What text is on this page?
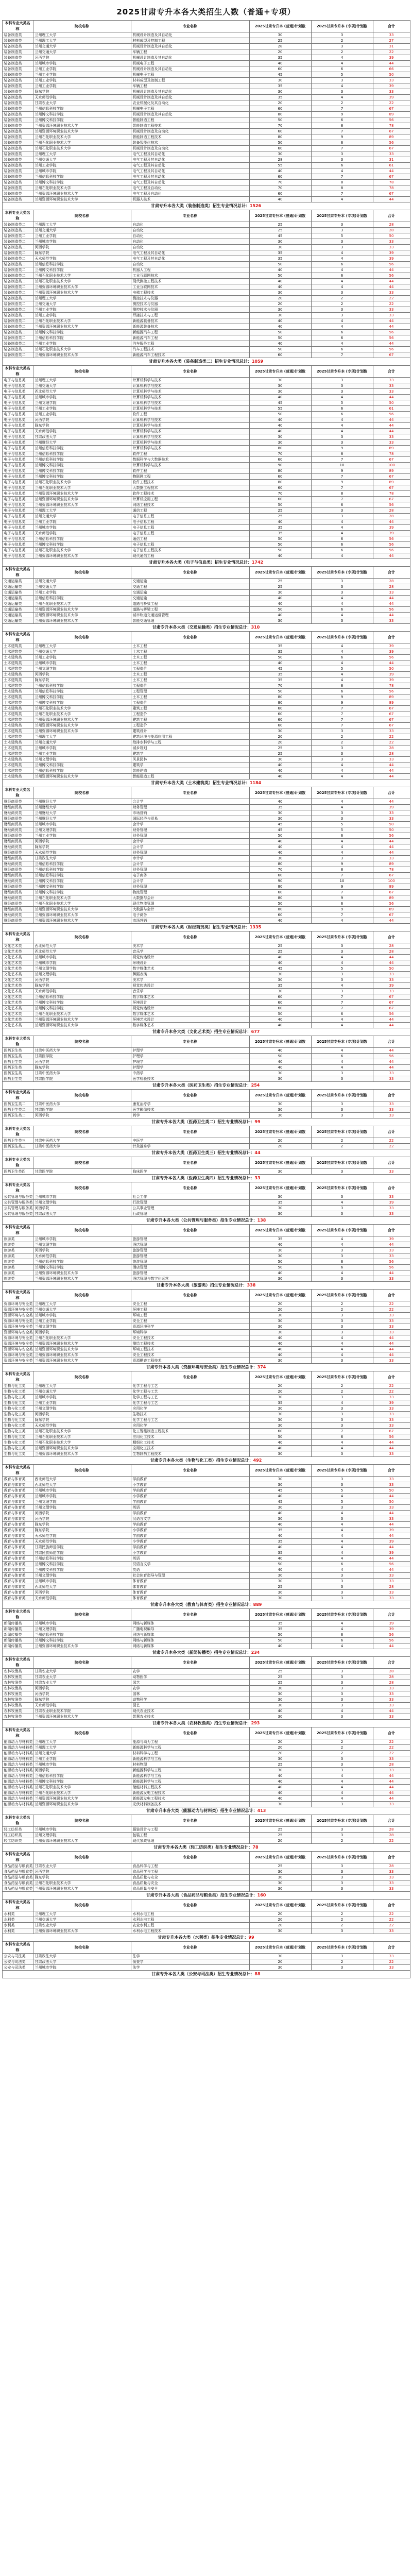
2025甘肃专升本各大类招生人数（普通+专项）
本科专业大类名称	院校名称	专业名称	2025甘肃专升本 (普通)计划数	2025甘肃专升本 (专项)计划数	合计
装备制造类	兰州理工大学	机械设计制造及其自动化	30	3	33
装备制造类	兰州理工大学	材料成型及控制工程	25	2	27
装备制造类	兰州交通大学	机械设计制造及其自动化	28	3	31
装备制造类	兰州交通大学	车辆工程	20	2	22
装备制造类	河西学院	机械设计制造及其自动化	35	4	39
装备制造类	兰州城市学院	机械电子工程	40	4	44
装备制造类	兰州工业学院	机械设计制造及其自动化	60	6	66
装备制造类	兰州工业学院	机械电子工程	45	5	50
装备制造类	兰州工业学院	材料成型及控制工程	30	3	33
装备制造类	兰州工业学院	车辆工程	35	4	39
装备制造类	陇东学院	机械设计制造及其自动化	30	3	33
装备制造类	天水师范学院	机械设计制造及其自动化	35	4	39
装备制造类	甘肃农业大学	农业机械化及其自动化	20	2	22
装备制造类	兰州信息科技学院	机械电子工程	60	7	67
装备制造类	兰州博文科技学院	机械设计制造及其自动化	80	9	89
装备制造类	兰州博文科技学院	智能制造工程	50	6	56
装备制造类	兰州资源环境职业技术大学	智能制造工程技术	70	8	78
装备制造类	兰州资源环境职业技术大学	机械设计制造及自动化	60	7	67
装备制造类	兰州石化职业技术大学	智能制造工程技术	80	9	89
装备制造类	兰州石化职业技术大学	装备智能化技术	50	6	56
装备制造类	兰州石化职业技术大学	机械设计制造及自动化	60	7	67
装备制造类	兰州理工大学	电气工程及其自动化	30	3	33
装备制造类	兰州交通大学	电气工程及其自动化	28	3	31
装备制造类	兰州工业学院	电气工程及其自动化	55	6	61
装备制造类	兰州城市学院	电气工程及其自动化	40	4	44
装备制造类	兰州信息科技学院	电气工程及其自动化	60	7	67
装备制造类	兰州博文科技学院	电气工程及其自动化	70	8	78
装备制造类	兰州石化职业技术大学	电气工程及自动化	70	8	78
装备制造类	兰州资源环境职业技术大学	电气工程及自动化	60	7	67
装备制造类	兰州资源环境职业技术大学	机器人技术	40	4	44
甘肃专升本各大类（装备制造类）招生专业情况总计：1526					
本科专业大类名称	院校名称	专业名称	2025甘肃专升本 (普通)计划数	2025甘肃专升本 (专项)计划数	合计
装备制造类二	兰州理工大学	自动化	25	3	28
装备制造类二	兰州交通大学	自动化	25	3	28
装备制造类二	兰州工业学院	自动化	45	5	50
装备制造类二	兰州城市学院	自动化	30	3	33
装备制造类二	河西学院	自动化	30	3	33
装备制造类二	陇东学院	电气工程及其自动化	35	4	39
装备制造类二	天水师范学院	电气工程及其自动化	35	4	39
装备制造类二	兰州信息科技学院	自动化	50	6	56
装备制造类二	兰州博文科技学院	机器人工程	40	4	44
装备制造类二	兰州石化职业技术大学	工业互联网技术	50	6	56
装备制造类二	兰州石化职业技术大学	现代测控工程技术	40	4	44
装备制造类二	兰州资源环境职业技术大学	工业互联网技术	40	4	44
装备制造类二	兰州资源环境职业技术大学	电梯工程技术	30	3	33
装备制造类二	兰州理工大学	测控技术与仪器	20	2	22
装备制造类二	兰州交通大学	测控技术与仪器	20	2	22
装备制造类二	兰州工业学院	测控技术与仪器	30	3	33
装备制造类二	兰州工业学院	焊接技术与工程	30	3	33
装备制造类二	兰州石化职业技术大学	新能源装备技术	40	4	44
装备制造类二	兰州资源环境职业技术大学	新能源装备技术	40	4	44
装备制造类二	兰州博文科技学院	新能源汽车工程	50	6	56
装备制造类二	兰州信息科技学院	新能源汽车工程	50	6	56
装备制造类二	兰州工业学院	汽车服务工程	40	4	44
装备制造类二	兰州石化职业技术大学	汽车工程技术	50	6	56
装备制造类二	兰州资源环境职业技术大学	新能源汽车工程技术	60	7	67
甘肃专升本各大类（装备制造类二）招生专业情况总计：1059					
本科专业大类名称	院校名称	专业名称	2025甘肃专升本 (普通)计划数	2025甘肃专升本 (专项)计划数	合计
电子与信息类	兰州理工大学	计算机科学与技术	30	3	33
电子与信息类	兰州交通大学	计算机科学与技术	30	3	33
电子与信息类	西北师范大学	计算机科学与技术	30	3	33
电子与信息类	兰州城市学院	计算机科学与技术	40	4	44
电子与信息类	兰州文理学院	计算机科学与技术	45	5	50
电子与信息类	兰州工业学院	计算机科学与技术	55	6	61
电子与信息类	兰州工业学院	软件工程	50	6	56
电子与信息类	河西学院	计算机科学与技术	40	4	44
电子与信息类	陇东学院	计算机科学与技术	40	4	44
电子与信息类	天水师范学院	计算机科学与技术	40	4	44
电子与信息类	甘肃政法大学	计算机科学与技术	30	3	33
电子与信息类	兰州财经大学	计算机科学与技术	30	3	33
电子与信息类	兰州信息科技学院	计算机科学与技术	80	9	89
电子与信息类	兰州信息科技学院	软件工程	70	8	78
电子与信息类	兰州信息科技学院	数据科学与大数据技术	60	7	67
电子与信息类	兰州博文科技学院	计算机科学与技术	90	10	100
电子与信息类	兰州博文科技学院	软件工程	80	9	89
电子与信息类	兰州博文科技学院	物联网工程	60	7	67
电子与信息类	兰州石化职业技术大学	软件工程技术	80	9	89
电子与信息类	兰州石化职业技术大学	大数据工程技术	60	7	67
电子与信息类	兰州资源环境职业技术大学	软件工程技术	70	8	78
电子与信息类	兰州资源环境职业技术大学	计算机应用工程	60	7	67
电子与信息类	兰州资源环境职业技术大学	网络工程技术	50	6	56
电子与信息类	兰州理工大学	通信工程	25	3	28
电子与信息类	兰州交通大学	电子信息工程	25	3	28
电子与信息类	兰州工业学院	电子信息工程	40	4	44
电子与信息类	兰州城市学院	电子信息工程	35	4	39
电子与信息类	天水师范学院	电子信息工程	35	4	39
电子与信息类	兰州信息科技学院	通信工程	50	6	56
电子与信息类	兰州博文科技学院	电子信息工程	50	6	56
电子与信息类	兰州石化职业技术大学	电子信息工程技术	50	6	56
电子与信息类	兰州资源环境职业技术大学	现代通信工程	40	4	44
甘肃专升本各大类（电子与信息类）招生专业情况总计：1742					
本科专业大类名称	院校名称	专业名称	2025甘肃专升本 (普通)计划数	2025甘肃专升本 (专项)计划数	合计
交通运输类	兰州交通大学	交通运输	25	3	28
交通运输类	兰州交通大学	交通工程	25	3	28
交通运输类	兰州工业学院	交通运输	30	3	33
交通运输类	兰州信息科技学院	交通运输	40	4	44
交通运输类	兰州石化职业技术大学	道路与桥梁工程	40	4	44
交通运输类	兰州资源环境职业技术大学	道路与桥梁工程	50	6	56
交通运输类	兰州资源环境职业技术大学	城市轨道交通运营管理	40	4	44
交通运输类	兰州资源环境职业技术大学	智能交通管理	30	3	33
甘肃专升本各大类（交通运输类）招生专业情况总计：310					
本科专业大类名称	院校名称	专业名称	2025甘肃专升本 (普通)计划数	2025甘肃专升本 (专项)计划数	合计
土木建筑类	兰州理工大学	土木工程	35	4	39
土木建筑类	兰州交通大学	土木工程	35	4	39
土木建筑类	兰州工业学院	土木工程	50	6	56
土木建筑类	兰州城市学院	土木工程	40	4	44
土木建筑类	兰州文理学院	工程造价	45	5	50
土木建筑类	河西学院	土木工程	35	4	39
土木建筑类	陇东学院	土木工程	35	4	39
土木建筑类	兰州信息科技学院	工程造价	70	8	78
土木建筑类	兰州信息科技学院	工程管理	50	6	56
土木建筑类	兰州博文科技学院	土木工程	80	9	89
土木建筑类	兰州博文科技学院	工程造价	80	9	89
土木建筑类	兰州石化职业技术大学	建筑工程	60	7	67
土木建筑类	兰州石化职业技术大学	工程造价	60	7	67
土木建筑类	兰州资源环境职业技术大学	建筑工程	60	7	67
土木建筑类	兰州资源环境职业技术大学	工程造价	60	7	67
土木建筑类	兰州资源环境职业技术大学	建筑设计	30	3	33
土木建筑类	兰州理工大学	建筑环境与能源应用工程	20	2	22
土木建筑类	兰州交通大学	给排水科学与工程	20	2	22
土木建筑类	兰州城市学院	城乡规划	25	3	28
土木建筑类	兰州工业学院	建筑学	25	3	28
土木建筑类	兰州文理学院	风景园林	30	3	33
土木建筑类	兰州博文科技学院	建筑学	40	4	44
土木建筑类	兰州信息科技学院	智能建造	40	4	44
土木建筑类	兰州资源环境职业技术大学	智能建造工程	40	4	44
甘肃专升本各大类（土木建筑类）招生专业情况总计：1184					
本科专业大类名称	院校名称	专业名称	2025甘肃专升本 (普通)计划数	2025甘肃专升本 (专项)计划数	合计
财经商贸类	兰州财经大学	会计学	40	4	44
财经商贸类	兰州财经大学	财务管理	35	4	39
财经商贸类	兰州财经大学	市场营销	30	3	33
财经商贸类	兰州财经大学	国际经济与贸易	30	3	33
财经商贸类	兰州城市学院	会计学	45	5	50
财经商贸类	兰州文理学院	财务管理	45	5	50
财经商贸类	兰州工业学院	财务管理	50	6	56
财经商贸类	河西学院	会计学	40	4	44
财经商贸类	陇东学院	会计学	40	4	44
财经商贸类	天水师范学院	财务管理	40	4	44
财经商贸类	甘肃政法大学	审计学	30	3	33
财经商贸类	兰州信息科技学院	会计学	80	9	89
财经商贸类	兰州信息科技学院	财务管理	70	8	78
财经商贸类	兰州信息科技学院	电子商务	60	7	67
财经商贸类	兰州博文科技学院	会计学	90	10	100
财经商贸类	兰州博文科技学院	财务管理	80	9	89
财经商贸类	兰州博文科技学院	物流管理	60	7	67
财经商贸类	兰州石化职业技术大学	大数据与会计	80	9	89
财经商贸类	兰州石化职业技术大学	现代物流管理	50	6	56
财经商贸类	兰州资源环境职业技术大学	大数据与会计	80	9	89
财经商贸类	兰州资源环境职业技术大学	电子商务	60	7	67
财经商贸类	兰州资源环境职业技术大学	市场营销	40	4	44
甘肃专升本各大类（财经商贸类）招生专业情况总计：1335					
本科专业大类名称	院校名称	专业名称	2025甘肃专升本 (普通)计划数	2025甘肃专升本 (专项)计划数	合计
文化艺术类	西北师范大学	美术学	25	3	28
文化艺术类	西北师范大学	音乐学	25	3	28
文化艺术类	兰州城市学院	视觉传达设计	40	4	44
文化艺术类	兰州城市学院	环境设计	40	4	44
文化艺术类	兰州文理学院	数字媒体艺术	45	5	50
文化艺术类	兰州文理学院	舞蹈表演	30	3	33
文化艺术类	河西学院	美术学	30	3	33
文化艺术类	陇东学院	视觉传达设计	35	4	39
文化艺术类	天水师范学院	音乐学	30	3	33
文化艺术类	兰州信息科技学院	数字媒体艺术	60	7	67
文化艺术类	兰州博文科技学院	环境设计	60	7	67
文化艺术类	兰州博文科技学院	视觉传达设计	60	7	67
文化艺术类	兰州石化职业技术大学	数字媒体艺术	50	6	56
文化艺术类	兰州资源环境职业技术大学	环境艺术设计	40	4	44
文化艺术类	兰州资源环境职业技术大学	数字媒体艺术	40	4	44
甘肃专升本各大类（文化艺术类）招生专业情况总计：677					
本科专业大类名称	院校名称	专业名称	2025甘肃专升本 (普通)计划数	2025甘肃专升本 (专项)计划数	合计
医药卫生类	甘肃中医药大学	护理学	40	4	44
医药卫生类	甘肃医学院	护理学	50	6	56
医药卫生类	河西学院	护理学	40	4	44
医药卫生类	陇东学院	护理学	40	4	44
医药卫生类	甘肃中医药大学	中药学	30	3	33
医药卫生类	甘肃医学院	医学检验技术	30	3	33
甘肃专升本各大类（医药卫生类）招生专业情况总计：254					
本科专业大类名称	院校名称	专业名称	2025甘肃专升本 (普通)计划数	2025甘肃专升本 (专项)计划数	合计
医药卫生类二	甘肃中医药大学	康复治疗学	30	3	33
医药卫生类二	甘肃医学院	医学影像技术	30	3	33
医药卫生类二	河西学院	药学	30	3	33
甘肃专升本各大类（医药卫生类二）招生专业情况总计：99					
本科专业大类名称	院校名称	专业名称	2025甘肃专升本 (普通)计划数	2025甘肃专升本 (专项)计划数	合计
医药卫生类三	甘肃中医药大学	中医学	20	2	22
医药卫生类三	甘肃中医药大学	针灸推拿学	20	2	22
甘肃专升本各大类（医药卫生类三）招生专业情况总计：44					
本科专业大类名称	院校名称	专业名称	2025甘肃专升本 (普通)计划数	2025甘肃专升本 (专项)计划数	合计
医药卫生类四	甘肃医学院	临床医学	30	3	33
甘肃专升本各大类（医药卫生类四）招生专业情况总计：33					
本科专业大类名称	院校名称	专业名称	2025甘肃专升本 (普通)计划数	2025甘肃专升本 (专项)计划数	合计
公共管理与服务类	兰州城市学院	社会工作	30	3	33
公共管理与服务类	兰州文理学院	行政管理	35	4	39
公共管理与服务类	河西学院	公共事业管理	30	3	33
公共管理与服务类	甘肃政法大学	行政管理	30	3	33
甘肃专升本各大类（公共管理与服务类）招生专业情况总计：138					
本科专业大类名称	院校名称	专业名称	2025甘肃专升本 (普通)计划数	2025甘肃专升本 (专项)计划数	合计
旅游类	兰州城市学院	旅游管理	35	4	39
旅游类	兰州文理学院	酒店管理	40	4	44
旅游类	河西学院	旅游管理	30	3	33
旅游类	天水师范学院	旅游管理	30	3	33
旅游类	兰州信息科技学院	旅游管理	50	6	56
旅游类	兰州博文科技学院	酒店管理	50	6	56
旅游类	兰州资源环境职业技术大学	旅游管理	40	4	44
旅游类	兰州资源环境职业技术大学	酒店管理与数字化运营	30	3	33
甘肃专升本各大类（旅游类）招生专业情况总计：338					
本科专业大类名称	院校名称	专业名称	2025甘肃专升本 (普通)计划数	2025甘肃专升本 (专项)计划数	合计
资源环境与安全类	兰州理工大学	安全工程	20	2	22
资源环境与安全类	兰州交通大学	环境工程	20	2	22
资源环境与安全类	兰州城市学院	环境工程	30	3	33
资源环境与安全类	兰州工业学院	安全工程	30	3	33
资源环境与安全类	兰州文理学院	资源环境科学	30	3	33
资源环境与安全类	河西学院	环境科学	30	3	33
资源环境与安全类	兰州石化职业技术大学	安全工程技术	40	4	44
资源环境与安全类	兰州资源环境职业技术大学	测绘工程技术	40	4	44
资源环境与安全类	兰州资源环境职业技术大学	环境工程技术	40	4	44
资源环境与安全类	兰州资源环境职业技术大学	安全工程技术	40	4	44
资源环境与安全类	兰州资源环境职业技术大学	资源勘查工程技术	30	3	33
甘肃专升本各大类（资源环境与安全类）招生专业情况总计：374					
本科专业大类名称	院校名称	专业名称	2025甘肃专升本 (普通)计划数	2025甘肃专升本 (专项)计划数	合计
生物与化工类	兰州理工大学	化学工程与工艺	20	2	22
生物与化工类	兰州交通大学	化学工程与工艺	20	2	22
生物与化工类	兰州城市学院	化学工程与工艺	30	3	33
生物与化工类	兰州工业学院	化学工程与工艺	35	4	39
生物与化工类	兰州文理学院	应用化学	30	3	33
生物与化工类	河西学院	生物技术	30	3	33
生物与化工类	陇东学院	化学工程与工艺	30	3	33
生物与化工类	天水师范学院	应用化学	30	3	33
生物与化工类	兰州石化职业技术大学	化工智能制造工程技术	60	7	67
生物与化工类	兰州石化职业技术大学	应用化工技术	50	6	56
生物与化工类	兰州石化职业技术大学	精细化工技术	40	4	44
生物与化工类	兰州资源环境职业技术大学	应用化工技术	40	4	44
生物与化工类	兰州资源环境职业技术大学	生物制药工程技术	30	3	33
甘肃专升本各大类（生物与化工类）招生专业情况总计：492					
本科专业大类名称	院校名称	专业名称	2025甘肃专升本 (普通)计划数	2025甘肃专升本 (专项)计划数	合计
教育与体育类	西北师范大学	学前教育	30	3	33
教育与体育类	西北师范大学	小学教育	30	3	33
教育与体育类	兰州城市学院	学前教育	45	5	50
教育与体育类	兰州城市学院	小学教育	40	4	44
教育与体育类	兰州文理学院	学前教育	45	5	50
教育与体育类	兰州文理学院	英语	30	3	33
教育与体育类	河西学院	学前教育	40	4	44
教育与体育类	河西学院	汉语言文学	30	3	33
教育与体育类	陇东学院	学前教育	40	4	44
教育与体育类	陇东学院	小学教育	35	4	39
教育与体育类	天水师范学院	学前教育	40	4	44
教育与体育类	天水师范学院	小学教育	35	4	39
教育与体育类	甘肃民族师范学院	学前教育	40	4	44
教育与体育类	甘肃民族师范学院	小学教育	35	4	39
教育与体育类	兰州信息科技学院	英语	40	4	44
教育与体育类	兰州博文科技学院	汉语言文学	50	6	56
教育与体育类	兰州博文科技学院	英语	40	4	44
教育与体育类	兰州文理学院	社会体育指导与管理	30	3	33
教育与体育类	兰州城市学院	体育教育	30	3	33
教育与体育类	西北师范大学	体育教育	25	3	28
教育与体育类	河西学院	体育教育	30	3	33
教育与体育类	天水师范学院	体育教育	30	3	33
甘肃专升本各大类（教育与体育类）招生专业情况总计：889					
本科专业大类名称	院校名称	专业名称	2025甘肃专升本 (普通)计划数	2025甘肃专升本 (专项)计划数	合计
新闻传播类	兰州城市学院	网络与新媒体	35	4	39
新闻传播类	兰州文理学院	广播电视编导	35	4	39
新闻传播类	兰州信息科技学院	网络与新媒体	50	6	56
新闻传播类	兰州博文科技学院	网络与新媒体	50	6	56
新闻传播类	兰州资源环境职业技术大学	网络与新媒体	40	4	44
甘肃专升本各大类（新闻传播类）招生专业情况总计：234					
本科专业大类名称	院校名称	专业名称	2025甘肃专升本 (普通)计划数	2025甘肃专升本 (专项)计划数	合计
农林牧渔类	甘肃农业大学	农学	25	3	28
农林牧渔类	甘肃农业大学	动物医学	25	3	28
农林牧渔类	甘肃农业大学	园艺	25	3	28
农林牧渔类	河西学院	农学	30	3	33
农林牧渔类	河西学院	园林	30	3	33
农林牧渔类	陇东学院	动物科学	30	3	33
农林牧渔类	天水师范学院	园艺	30	3	33
农林牧渔类	甘肃农业职业技术学院	现代农业技术	40	4	44
农林牧渔类	兰州资源环境职业技术大学	智慧农业技术	30	3	33
甘肃专升本各大类（农林牧渔类）招生专业情况总计：293					
本科专业大类名称	院校名称	专业名称	2025甘肃专升本 (普通)计划数	2025甘肃专升本 (专项)计划数	合计
能源动力与材料类	兰州理工大学	能源与动力工程	20	2	22
能源动力与材料类	兰州理工大学	新能源科学与工程	20	2	22
能源动力与材料类	兰州交通大学	材料科学与工程	20	2	22
能源动力与材料类	兰州工业学院	新能源科学与工程	30	3	33
能源动力与材料类	兰州城市学院	材料物理	25	3	28
能源动力与材料类	河西学院	新能源科学与工程	30	3	33
能源动力与材料类	兰州信息科技学院	新能源科学与工程	40	4	44
能源动力与材料类	兰州博文科技学院	新能源科学与工程	40	4	44
能源动力与材料类	兰州石化职业技术大学	储能材料工程技术	40	4	44
能源动力与材料类	兰州石化职业技术大学	新能源发电工程技术	40	4	44
能源动力与材料类	兰州资源环境职业技术大学	新能源发电工程技术	40	4	44
能源动力与材料类	兰州资源环境职业技术大学	光伏材料制备技术	30	3	33
甘肃专升本各大类（能源动力与材料类）招生专业情况总计：413					
本科专业大类名称	院校名称	专业名称	2025甘肃专升本 (普通)计划数	2025甘肃专升本 (专项)计划数	合计
轻工纺织类	兰州城市学院	服装设计与工程	25	3	28
轻工纺织类	兰州文理学院	包装工程	25	3	28
轻工纺织类	兰州资源环境职业技术大学	现代家政管理	20	2	22
甘肃专升本各大类（轻工纺织类）招生专业情况总计：78					
本科专业大类名称	院校名称	专业名称	2025甘肃专升本 (普通)计划数	2025甘肃专升本 (专项)计划数	合计
食品药品与粮食类	甘肃农业大学	食品科学与工程	25	3	28
食品药品与粮食类	河西学院	食品科学与工程	30	3	33
食品药品与粮食类	陇东学院	食品质量与安全	30	3	33
食品药品与粮食类	兰州石化职业技术大学	食品质量与安全	30	3	33
食品药品与粮食类	兰州资源环境职业技术大学	食品质量与安全	30	3	33
甘肃专升本各大类（食品药品与粮食类）招生专业情况总计：160					
本科专业大类名称	院校名称	专业名称	2025甘肃专升本 (普通)计划数	2025甘肃专升本 (专项)计划数	合计
水利类	兰州理工大学	水利水电工程	20	2	22
水利类	兰州交通大学	水利水电工程	20	2	22
水利类	甘肃农业大学	农业水利工程	20	2	22
水利类	兰州资源环境职业技术大学	水利水电工程技术	30	3	33
甘肃专升本各大类（水利类）招生专业情况总计：99					
本科专业大类名称	院校名称	专业名称	2025甘肃专升本 (普通)计划数	2025甘肃专升本 (专项)计划数	合计
公安与司法类	甘肃政法大学	法学	30	3	33
公安与司法类	甘肃政法大学	侦查学	20	2	22
公安与司法类	兰州城市学院	法学	30	3	33
甘肃专升本各大类（公安与司法类）招生专业情况总计：88					
